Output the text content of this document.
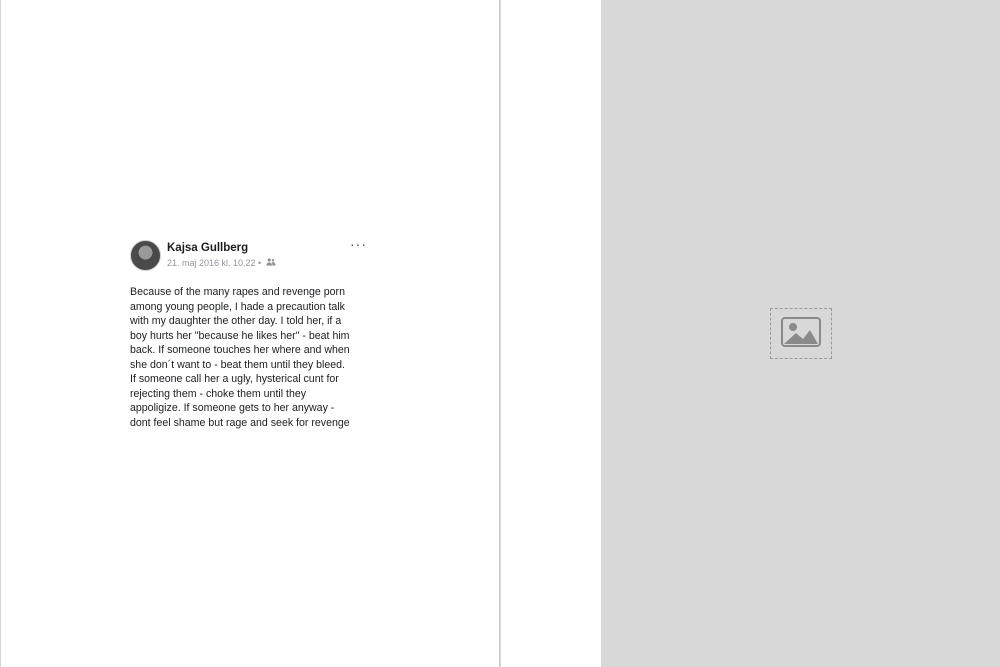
Kajsa Gullberg
21. maj 2016 kl. 10.22 •
···
Because of the many rapes and revenge porn
among young people, I hade a precaution talk
with my daughter the other day. I told her, if a
boy hurts her "because he likes her" - beat him
back. If someone touches her where and when
she don´t want to - beat them until they bleed.
If someone call her a ugly, hysterical cunt for
rejecting them - choke them until they
appoligize. If someone gets to her anyway -
dont feel shame but rage and seek for revenge
